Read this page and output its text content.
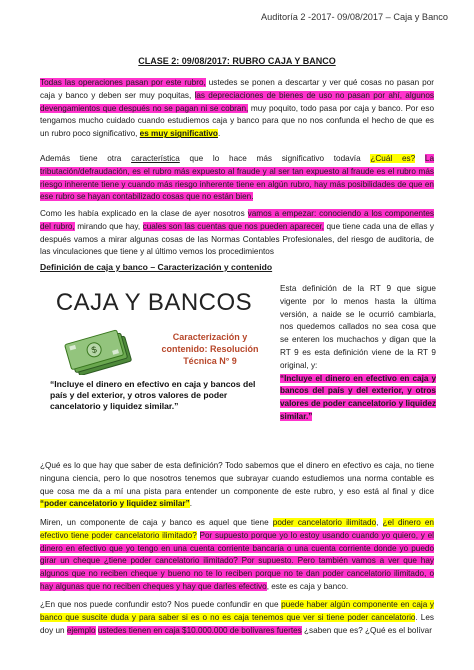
Auditoría 2 -2017- 09/08/2017 – Caja y Banco
CLASE 2: 09/08/2017: RUBRO CAJA Y BANCO

Todas las operaciones pasan por este rubro, ustedes se ponen a descartar y ver qué cosas no pasan por caja y banco y deben ser muy poquitas, las depreciaciones de bienes de uso no pasan por ahí, algunos devengamientos que después no se pagan ni se cobran, muy poquito, todo pasa por caja y banco. Por eso tengamos mucho cuidado cuando estudiemos caja y banco para que no nos confunda el hecho de que es un rubro poco significativo, es muy significativo.

Además tiene otra característica que lo hace más significativo todavía ¿Cuál es? La tributación/defraudación, es el rubro más expuesto al fraude y al ser tan expuesto al fraude es el rubro más riesgo inherente tiene y cuando más riesgo inherente tiene en algún rubro, hay más posibilidades de que en ese rubro se hayan contabilizado cosas que no están bien.

Como les había explicado en la clase de ayer nosotros vamos a empezar: conociendo a los componentes del rubro, mirando que hay, cuales son las cuentas que nos pueden aparecer, que tiene cada una de ellas y después vamos a mirar algunas cosas de las Normas Contables Profesionales, del riesgo de auditoria, de las vinculaciones que tiene y al último vemos los procedimientos

Definición de caja y banco – Caracterización y contenido
CAJA Y BANCOS
$
Caracterización y contenido: Resolución Técnica N° 9
“Incluye el dinero en efectivo en caja y bancos del país y del exterior, y otros valores de poder cancelatorio y liquidez similar.”

Esta definición de la RT 9 que sigue vigente por lo menos hasta la última versión, a naide se le ocurrió cambiarla, nos quedemos callados no sea cosa que se enteren los muchachos y digan que la RT 9 es esta definición viene de la RT 9 original, y:
“Incluye el dinero en efectivo en caja y bancos del país y del exterior, y otros valores de poder cancelatorio y liquidez similar.”

¿Qué es lo que hay que saber de esta definición? Todo sabemos que el dinero en efectivo es caja, no tiene ninguna ciencia, pero lo que nosotros tenemos que subrayar cuando estudiemos una norma contable es que cosa me da a mí una pista para entender un componente de este rubro, y eso está al final y dice “poder cancelatorio y liquidez similar”.

Miren, un componente de caja y banco es aquel que tiene poder cancelatorio ilimitado, ¿el dinero en efectivo tiene poder cancelatorio ilimitado? Por supuesto porque yo lo estoy usando cuando yo quiero, y el dinero en efectivo que yo tengo en una cuenta corriente bancaria o una cuenta corriente donde yo puedo girar un cheque ¿tiene poder cancelatorio ilimitado? Por supuesto. Pero también vamos a ver que hay algunos que no reciben cheque y bueno no te lo reciben porque no te dan poder cancelatorio ilimitado, o hay algunas que no reciben cheques y hay que darles efectivo, este es caja y banco.

¿En que nos puede confundir esto? Nos puede confundir en que puede haber algún componente en caja y banco que suscite duda y para saber si es o no es caja tenemos que ver si tiene poder cancelatorio. Les doy un ejemplo ustedes tienen en caja $10.000.000 de bolívares fuertes ¿saben que es? ¿Qué es el bolívar
